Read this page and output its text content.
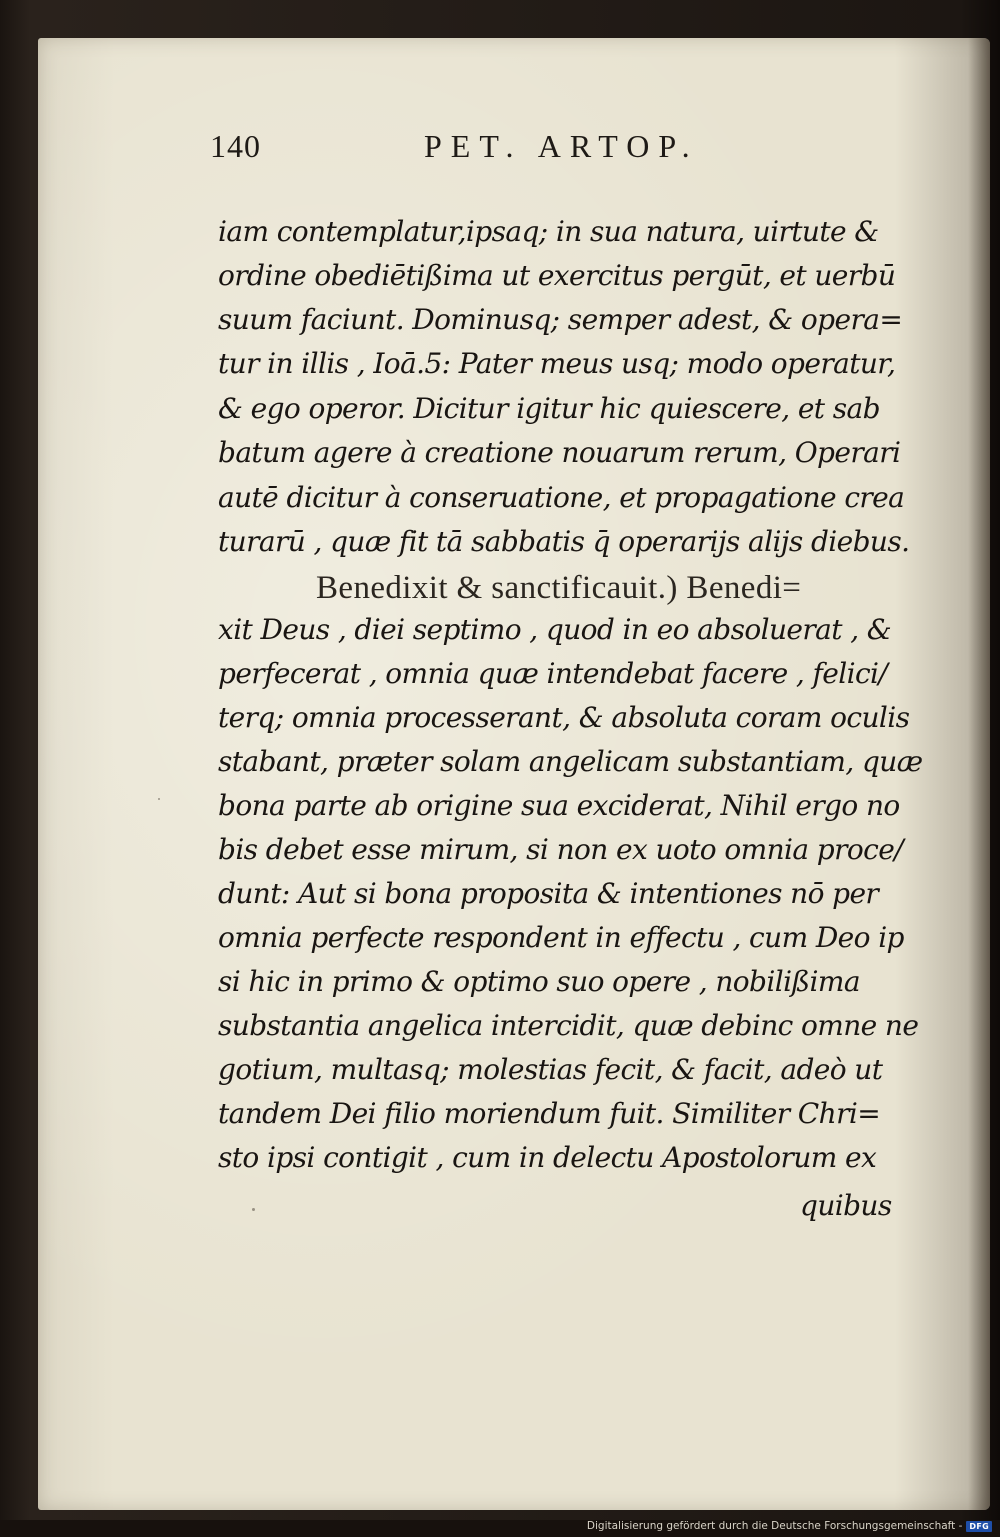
140	PET. ARTOP.
iam contemplatur,ipsaq; in sua natura, uirtute &
ordine obediētißima ut exercitus pergūt, et uerbū
suum faciunt. Dominusq; semper adest, & opera=
tur in illis , Ioā.5: Pater meus usq; modo operatur,
& ego operor. Dicitur igitur hic quiescere, et sab
batum agere à creatione nouarum rerum, Operari
autē dicitur à conseruatione, et propagatione crea
turarū , quæ fit tā sabbatis q̄ operarijs alijs diebus.
Benedixit & sanctificauit.) Benedi=
xit Deus , diei septimo , quod in eo absoluerat , &
perfecerat , omnia quæ intendebat facere , felici/
terq; omnia processerant, & absoluta coram oculis
stabant, præter solam angelicam substantiam, quæ
bona parte ab origine sua exciderat, Nihil ergo no
bis debet esse mirum, si non ex uoto omnia proce/
dunt: Aut si bona proposita & intentiones nō per
omnia perfecte respondent in effectu , cum Deo ip
si hic in primo & optimo suo opere , nobilißima
substantia angelica intercidit, quæ debinc omne ne
gotium, multasq; molestias fecit, & facit, adeò ut
tandem Dei filio moriendum fuit. Similiter Chri=
sto ipsi contigit , cum in delectu Apostolorum ex
quibus
Digitalisierung gefördert durch die Deutsche Forschungsgemeinschaft - DFG
